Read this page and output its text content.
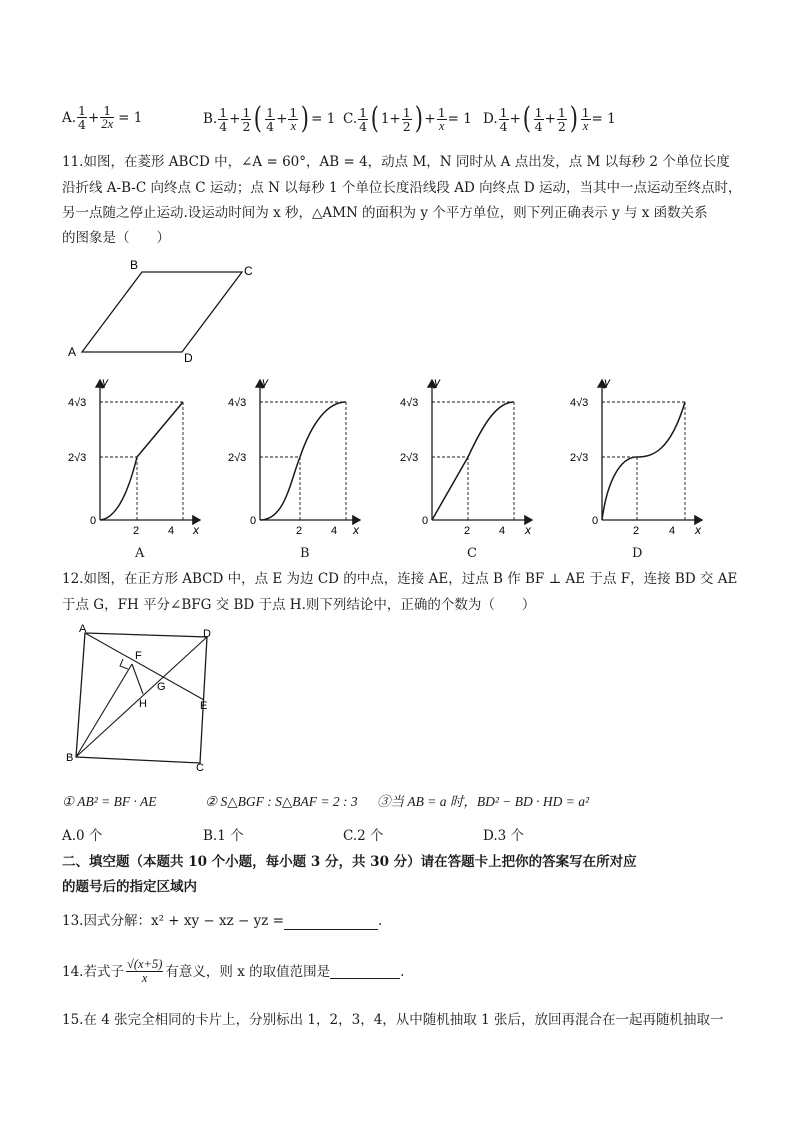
A. $\frac{1}{4} + \frac{1}{2x} = 1$	B. $\frac{1}{4} + \frac{1}{2}$ ( $\frac{1}{4} + \frac{1}{x}$ ) = 1 C. $\frac{1}{4}$ ( $1 + \frac{1}{2}$ ) + $\frac{1}{x} = 1$ D. $\frac{1}{4}$ + ( $\frac{1}{4} + \frac{1}{2}$ ) $\frac{1}{x} = 1$
11.如图，在菱形 ABCD 中，∠A = 60°，AB = 4，动点 M，N 同时从 A 点出发，点 M 以每秒 2 个单位长度
沿折线 A-B-C 向终点 C 运动；点 N 以每秒 1 个单位长度沿线段 AD 向终点 D 运动，当其中一点运动至终点时，
另一点随之停止运动.设运动时间为 x 秒，△AMN 的面积为 y 个平方单位，则下列正确表示 y 与 x 函数关系
的图象是（　　）
A
B	C
D
y
x
0
4√3
2√3
2	4
y
x
0
4√3
2√3
2	4
y
x
0
4√3
2√3
2	4
y
x
0
4√3
2√3
2	4
A	B	C	D
12.如图，在正方形 ABCD 中，点 E 为边 CD 的中点，连接 AE，过点 B 作 BF ⊥ AE 于点 F，连接 BD 交 AE
于点 G，FH 平分∠BFG 交 BD 于点 H.则下列结论中，正确的个数为（　　）
A	D
B
C
E
F
G
H
① AB² = BF · AE	② S△BGF : S△BAF = 2 : 3 ③当 AB = a 时，BD² − BD · HD = a²
A.0 个	B.1 个	C.2 个	D.3 个
二、填空题（本题共 10 个小题，每小题 3 分，共 30 分）请在答题卡上把你的答案写在所对应
的题号后的指定区域内
13.因式分解：x² + xy − xz − yz =	.
14.若式子 $\frac{√(x+5)}{x}$ 有意义，则 x 的取值范围是	.
15.在 4 张完全相同的卡片上，分别标出 1，2，3，4，从中随机抽取 1 张后，放回再混合在一起再随机抽取一
